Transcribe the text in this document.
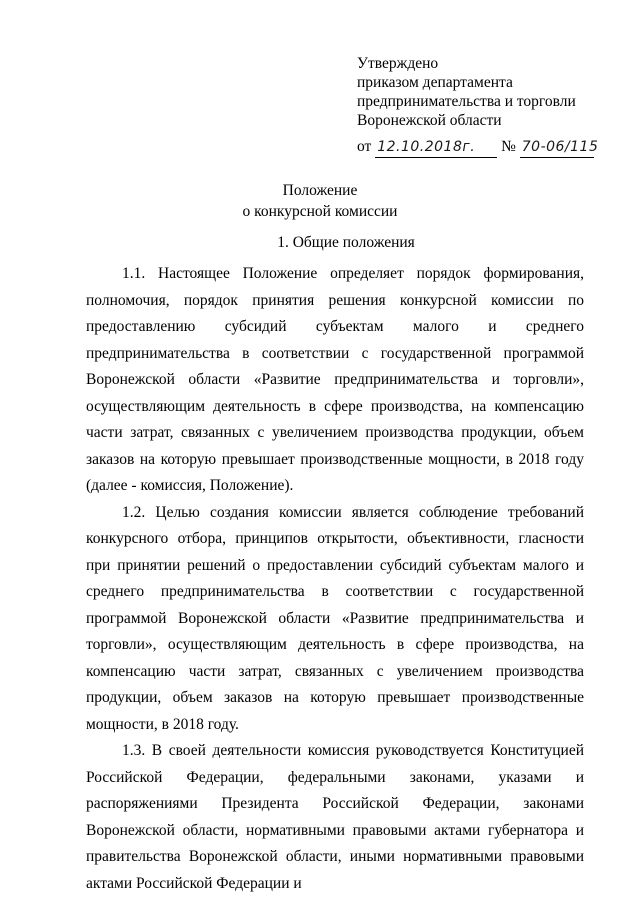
Утверждено
приказом департамента
предпринимательства и торговли
Воронежской области
от 12.10.2018г. № 70-06/115
Положение
о конкурсной комиссии
1. Общие положения

1.1. Настоящее Положение определяет порядок формирования, полномочия, порядок принятия решения конкурсной комиссии по предоставлению субсидий субъектам малого и среднего предпринимательства в соответствии с государственной программой Воронежской области «Развитие предпринимательства и торговли», осуществляющим деятельность в сфере производства, на компенсацию части затрат, связанных с увеличением производства продукции, объем заказов на которую превышает производственные мощности, в 2018 году (далее - комиссия, Положение).

1.2. Целью создания комиссии является соблюдение требований конкурсного отбора, принципов открытости, объективности, гласности при принятии решений о предоставлении субсидий субъектам малого и среднего предпринимательства в соответствии с государственной программой Воронежской области «Развитие предпринимательства и торговли», осуществляющим деятельность в сфере производства, на компенсацию части затрат, связанных с увеличением производства продукции, объем заказов на которую превышает производственные мощности, в 2018 году.

1.3. В своей деятельности комиссия руководствуется Конституцией Российской Федерации, федеральными законами, указами и распоряжениями Президента Российской Федерации, законами Воронежской области, нормативными правовыми актами губернатора и правительства Воронежской области, иными нормативными правовыми актами Российской Федерации и
